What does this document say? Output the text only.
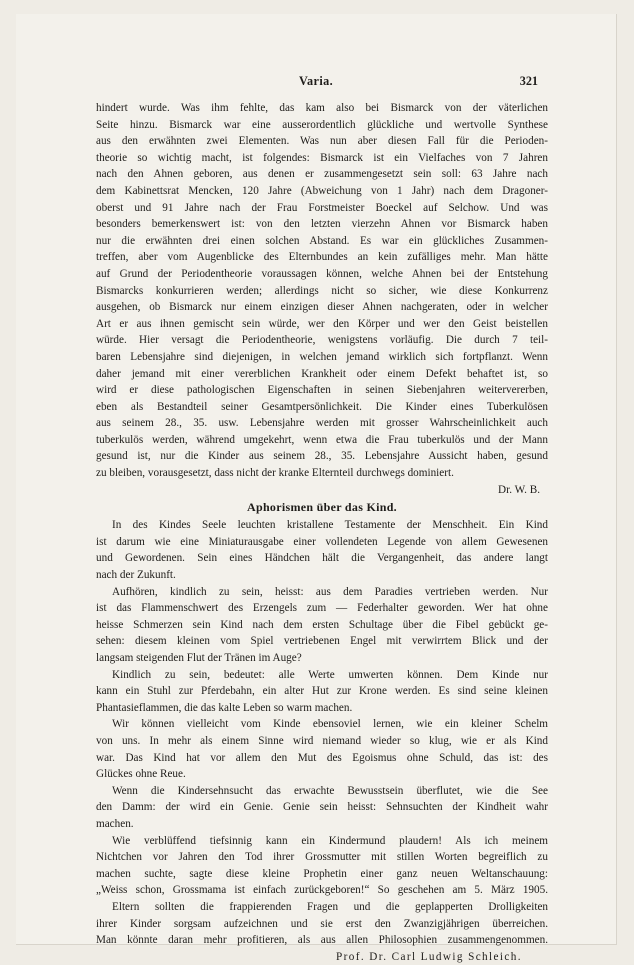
Varia.	321
hindert wurde. Was ihm fehlte, das kam also bei Bismarck von der väterlichen
Seite hinzu. Bismarck war eine ausserordentlich glückliche und wertvolle Synthese
aus den erwähnten zwei Elementen. Was nun aber diesen Fall für die Perioden-
theorie so wichtig macht, ist folgendes: Bismarck ist ein Vielfaches von 7 Jahren
nach den Ahnen geboren, aus denen er zusammengesetzt sein soll: 63 Jahre nach
dem Kabinettsrat Mencken, 120 Jahre (Abweichung von 1 Jahr) nach dem Dragoner-
oberst und 91 Jahre nach der Frau Forstmeister Boeckel auf Selchow. Und was
besonders bemerkenswert ist: von den letzten vierzehn Ahnen vor Bismarck haben
nur die erwähnten drei einen solchen Abstand. Es war ein glückliches Zusammen-
treffen, aber vom Augenblicke des Elternbundes an kein zufälliges mehr. Man hätte
auf Grund der Periodentheorie voraussagen können, welche Ahnen bei der Entstehung
Bismarcks konkurrieren werden; allerdings nicht so sicher, wie diese Konkurrenz
ausgehen, ob Bismarck nur einem einzigen dieser Ahnen nachgeraten, oder in welcher
Art er aus ihnen gemischt sein würde, wer den Körper und wer den Geist beistellen
würde. Hier versagt die Periodentheorie, wenigstens vorläufig. Die durch 7 teil-
baren Lebensjahre sind diejenigen, in welchen jemand wirklich sich fortpflanzt. Wenn
daher jemand mit einer vererblichen Krankheit oder einem Defekt behaftet ist, so
wird er diese pathologischen Eigenschaften in seinen Siebenjahren weitervererben,
eben als Bestandteil seiner Gesamtpersönlichkeit. Die Kinder eines Tuberkulösen
aus seinem 28., 35. usw. Lebensjahre werden mit grosser Wahrscheinlichkeit auch
tuberkulös werden, während umgekehrt, wenn etwa die Frau tuberkulös und der Mann
gesund ist, nur die Kinder aus seinem 28., 35. Lebensjahre Aussicht haben, gesund
zu bleiben, vorausgesetzt, dass nicht der kranke Elternteil durchwegs dominiert.
Dr. W. B.
Aphorismen über das Kind.
In des Kindes Seele leuchten kristallene Testamente der Menschheit. Ein Kind
ist darum wie eine Miniaturausgabe einer vollendeten Legende von allem Gewesenen
und Gewordenen. Sein eines Händchen hält die Vergangenheit, das andere langt
nach der Zukunft.
Aufhören, kindlich zu sein, heisst: aus dem Paradies vertrieben werden. Nur
ist das Flammenschwert des Erzengels zum — Federhalter geworden. Wer hat ohne
heisse Schmerzen sein Kind nach dem ersten Schultage über die Fibel gebückt ge-
sehen: diesem kleinen vom Spiel vertriebenen Engel mit verwirrtem Blick und der
langsam steigenden Flut der Tränen im Auge?
Kindlich zu sein, bedeutet: alle Werte umwerten können. Dem Kinde nur
kann ein Stuhl zur Pferdebahn, ein alter Hut zur Krone werden. Es sind seine kleinen
Phantasieflammen, die das kalte Leben so warm machen.
Wir können vielleicht vom Kinde ebensoviel lernen, wie ein kleiner Schelm
von uns. In mehr als einem Sinne wird niemand wieder so klug, wie er als Kind
war. Das Kind hat vor allem den Mut des Egoismus ohne Schuld, das ist: des
Glückes ohne Reue.
Wenn die Kindersehnsucht das erwachte Bewusstsein überflutet, wie die See
den Damm: der wird ein Genie. Genie sein heisst: Sehnsuchten der Kindheit wahr
machen.
Wie verblüffend tiefsinnig kann ein Kindermund plaudern! Als ich meinem
Nichtchen vor Jahren den Tod ihrer Grossmutter mit stillen Worten begreiflich zu
machen suchte, sagte diese kleine Prophetin einer ganz neuen Weltanschauung:
„Weiss schon, Grossmama ist einfach zurückgeboren!“ So geschehen am 5. März 1905.
Eltern sollten die frappierenden Fragen und die geplapperten Drolligkeiten
ihrer Kinder sorgsam aufzeichnen und sie erst den Zwanzigjährigen überreichen.
Man könnte daran mehr profitieren, als aus allen Philosophien zusammengenommen.
Prof. Dr. Carl Ludwig Schleich.
